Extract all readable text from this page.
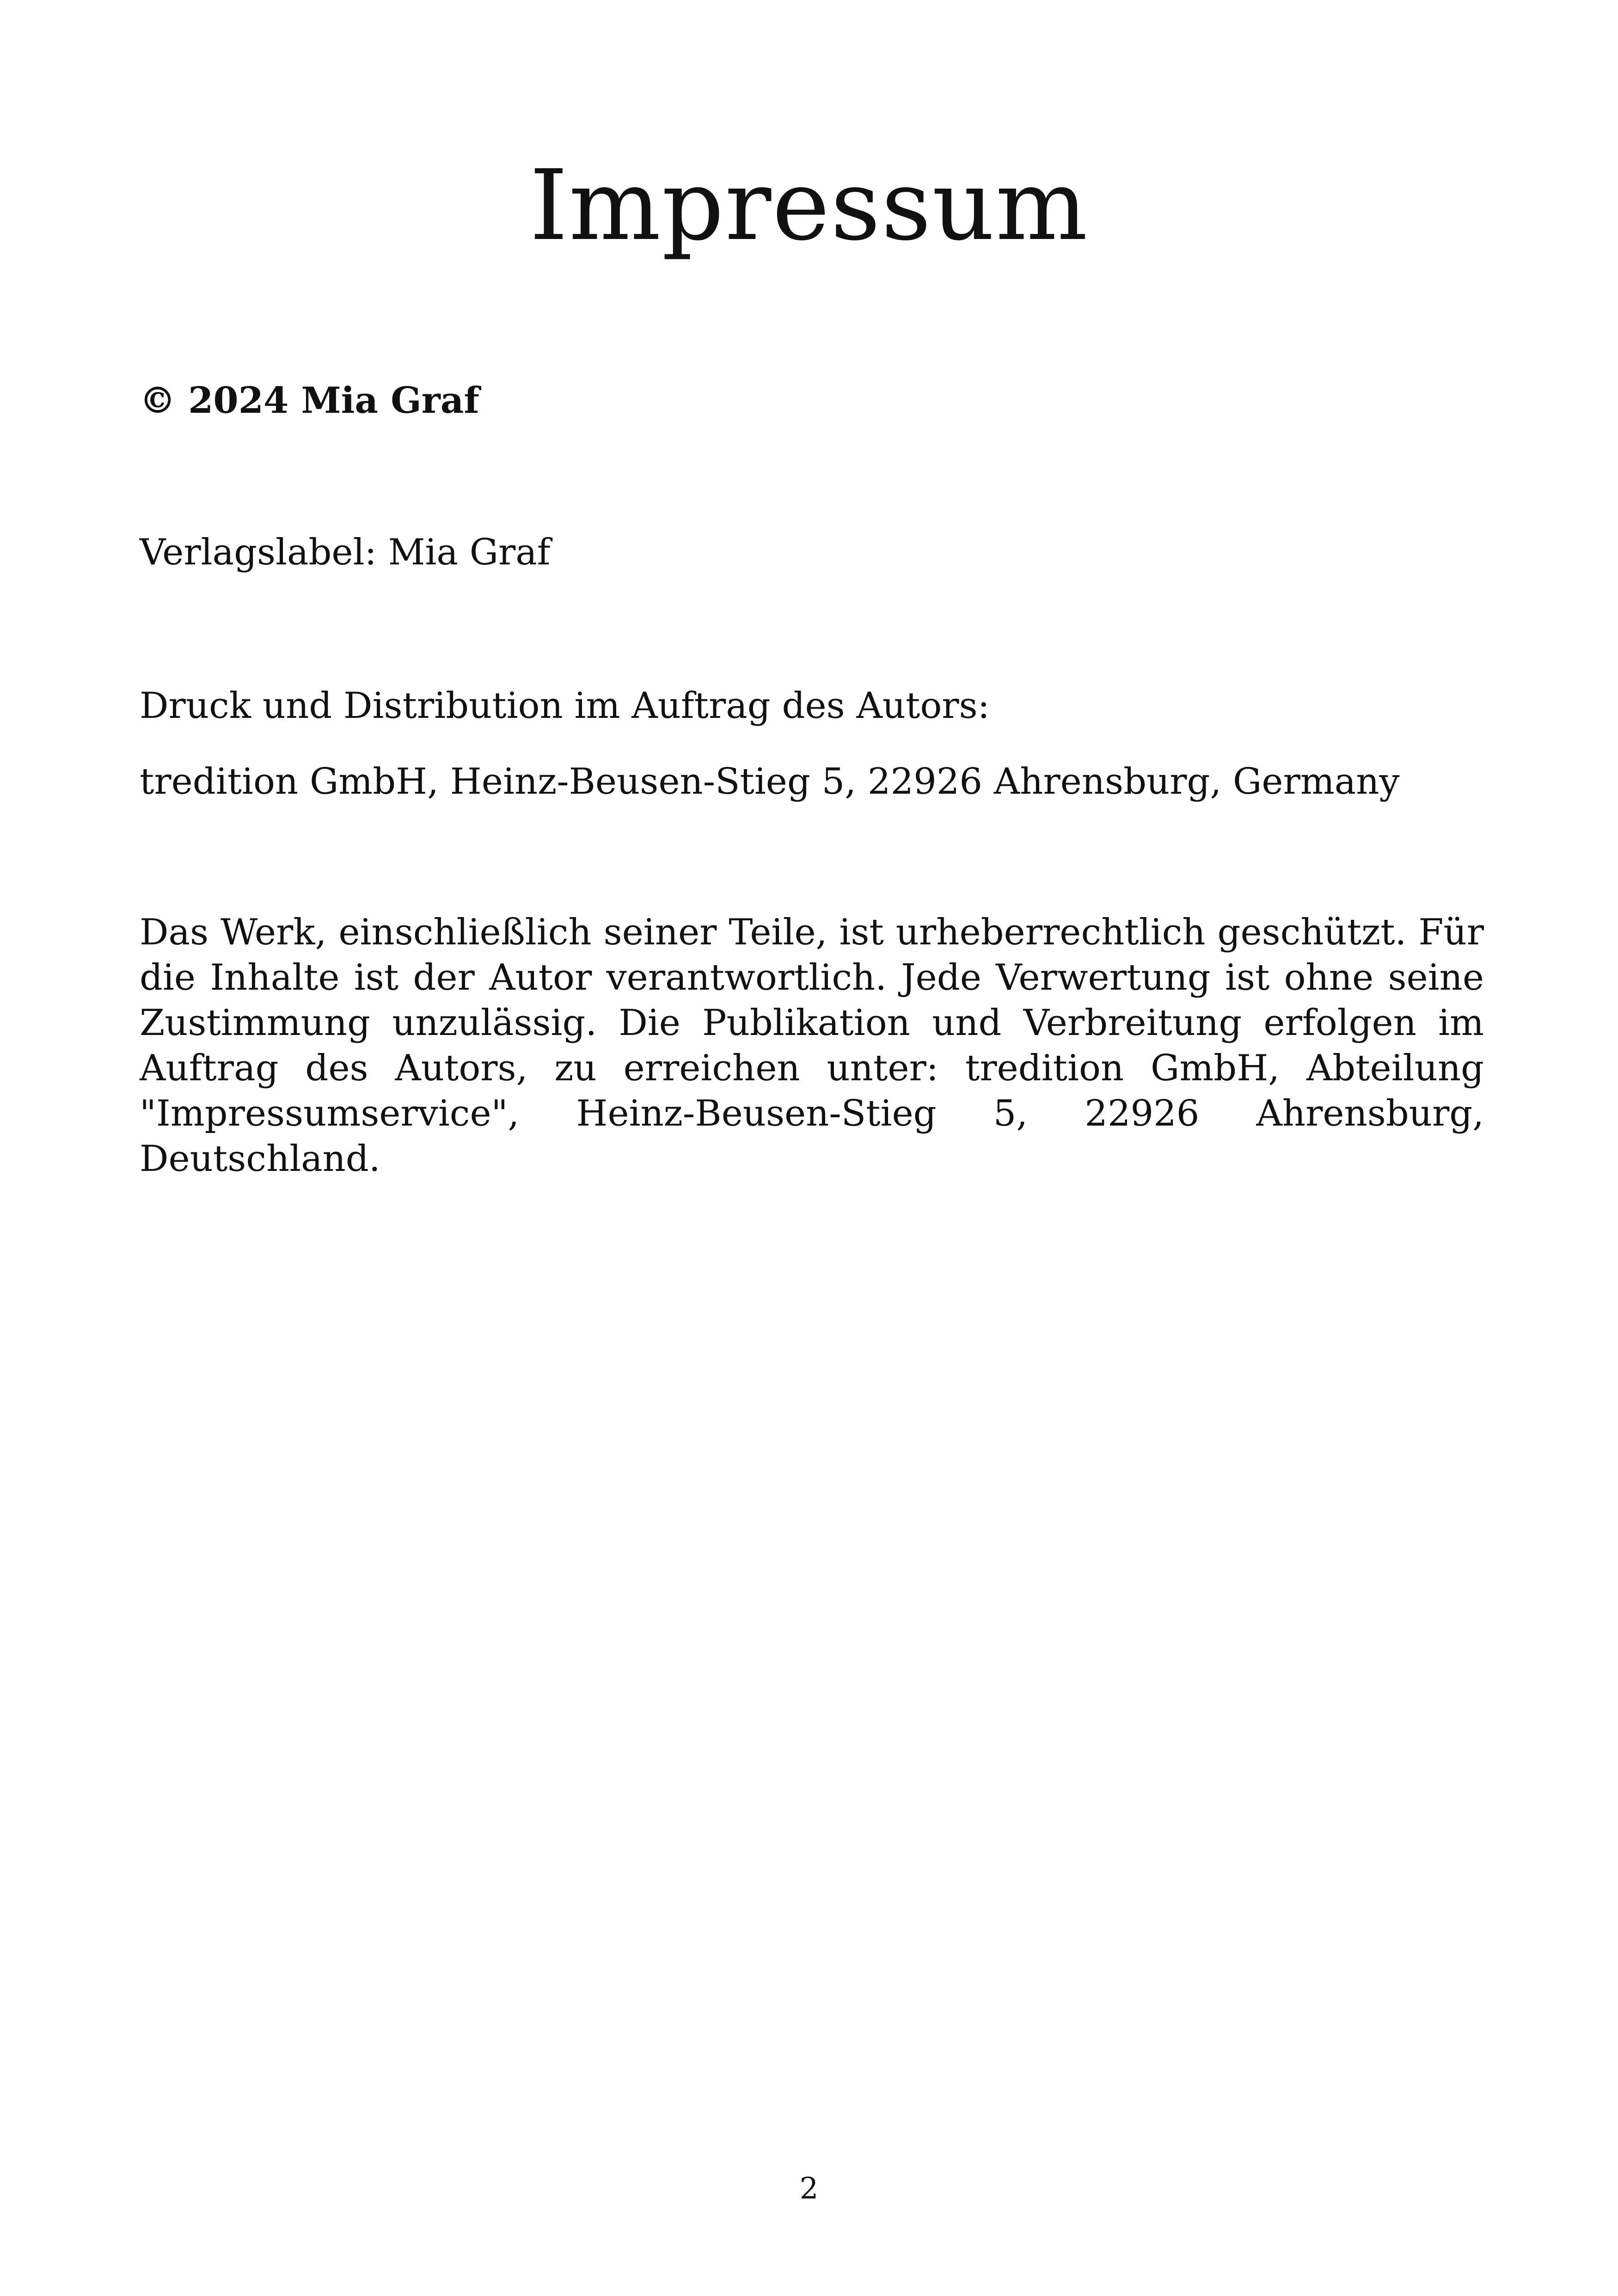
Impressum

© 2024 Mia Graf

Verlagslabel: Mia Graf

Druck und Distribution im Auftrag des Autors:

tredition GmbH, Heinz-Beusen-Stieg 5, 22926 Ahrensburg, Germany

Das Werk, einschließlich seiner Teile, ist urheberrechtlich geschützt. Für die Inhalte ist der Autor verantwortlich. Jede Verwertung ist ohne seine Zustimmung unzulässig. Die Publikation und Verbreitung erfolgen im Auftrag des Autors, zu erreichen unter: tredition GmbH, Abteilung "Impressumservice", Heinz-Beusen-Stieg 5, 22926 Ahrensburg, Deutschland.

2
